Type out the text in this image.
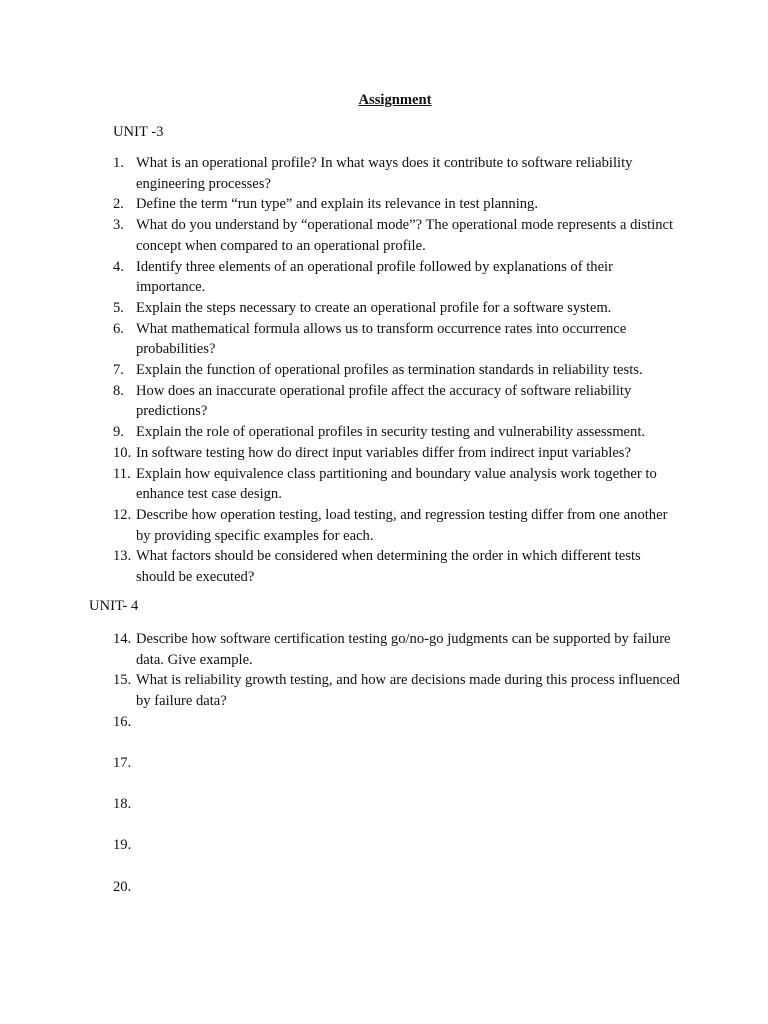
Assignment
UNIT -3
1. What is an operational profile? In what ways does it contribute to software reliability engineering processes?
2. Define the term “run type” and explain its relevance in test planning.
3. What do you understand by “operational mode”? The operational mode represents a distinct concept when compared to an operational profile.
4. Identify three elements of an operational profile followed by explanations of their importance.
5. Explain the steps necessary to create an operational profile for a software system.
6. What mathematical formula allows us to transform occurrence rates into occurrence probabilities?
7. Explain the function of operational profiles as termination standards in reliability tests.
8. How does an inaccurate operational profile affect the accuracy of software reliability predictions?
9. Explain the role of operational profiles in security testing and vulnerability assessment.
10. In software testing how do direct input variables differ from indirect input variables?
11. Explain how equivalence class partitioning and boundary value analysis work together to enhance test case design.
12. Describe how operation testing, load testing, and regression testing differ from one another by providing specific examples for each.
13. What factors should be considered when determining the order in which different tests should be executed?
UNIT- 4
14. Describe how software certification testing go/no-go judgments can be supported by failure data. Give example.
15. What is reliability growth testing, and how are decisions made during this process influenced by failure data?
16.
17.
18.
19.
20.
